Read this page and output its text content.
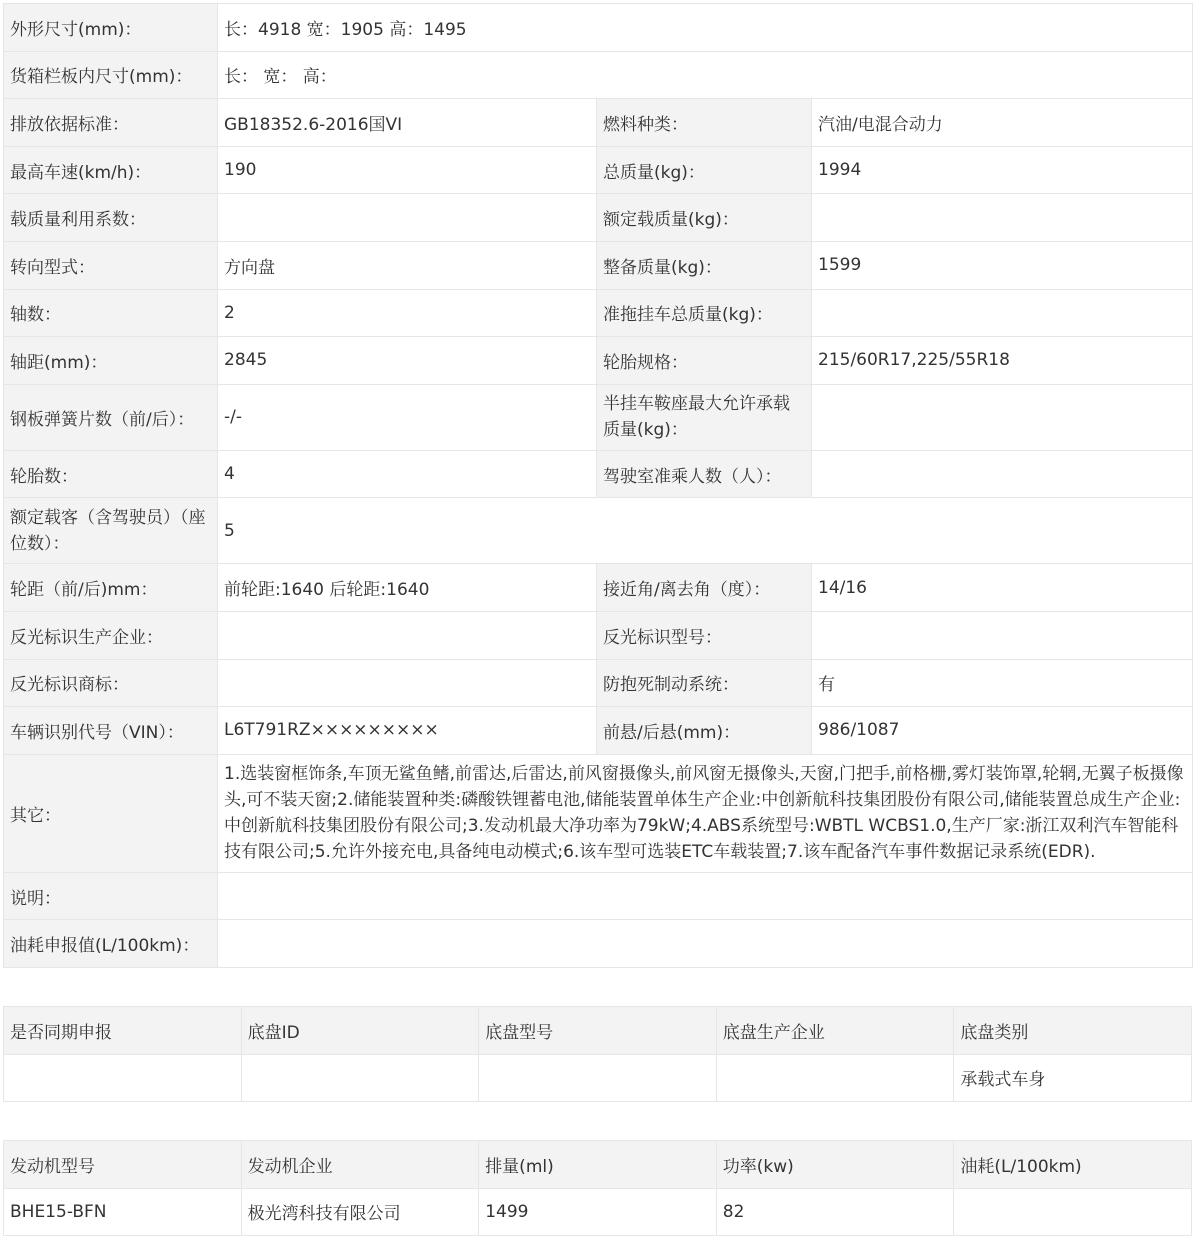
外形尺寸(mm)：	长：4918 宽：1905 高：1495		
货箱栏板内尺寸(mm)：	长： 宽： 高：		
排放依据标准：	GB18352.6-2016国VI	燃料种类：	汽油/电混合动力
最高车速(km/h)：	190	总质量(kg)：	1994
载质量利用系数：		额定载质量(kg)：	
转向型式：	方向盘	整备质量(kg)：	1599
轴数：	2	准拖挂车总质量(kg)：	
轴距(mm)：	2845	轮胎规格：	215/60R17,225/55R18
钢板弹簧片数（前/后）：	-/-	半挂车鞍座最大允许承载质量(kg)：	
轮胎数：	4	驾驶室准乘人数（人）：	
额定载客（含驾驶员）（座位数）：	5		
轮距（前/后)mm：	前轮距:1640 后轮距:1640	接近角/离去角（度）：	14/16
反光标识生产企业：		反光标识型号：	
反光标识商标：		防抱死制动系统：	有
车辆识别代号（VIN）：	L6T791RZ×××××××××	前悬/后悬(mm)：	986/1087
其它：	1.选装窗框饰条,车顶无鲨鱼鳍,前雷达,后雷达,前风窗摄像头,前风窗无摄像头,天窗,门把手,前格栅,雾灯装饰罩,轮辋,无翼子板摄像头,可不装天窗;2.储能装置种类:磷酸铁锂蓄电池,储能装置单体生产企业:中创新航科技集团股份有限公司,储能装置总成生产企业:中创新航科技集团股份有限公司;3.发动机最大净功率为79kW;4.ABS系统型号:WBTL WCBS1.0,生产厂家:浙江双利汽车智能科技有限公司;5.允许外接充电,具备纯电动模式;6.该车型可选装ETC车载装置;7.该车配备汽车事件数据记录系统(EDR).		
说明：			
油耗申报值(L/100km)：			
是否同期申报	底盘ID	底盘型号	底盘生产企业	底盘类别
				承载式车身
发动机型号	发动机企业	排量(ml)	功率(kw)	油耗(L/100km)
BHE15-BFN	极光湾科技有限公司	1499	82	
